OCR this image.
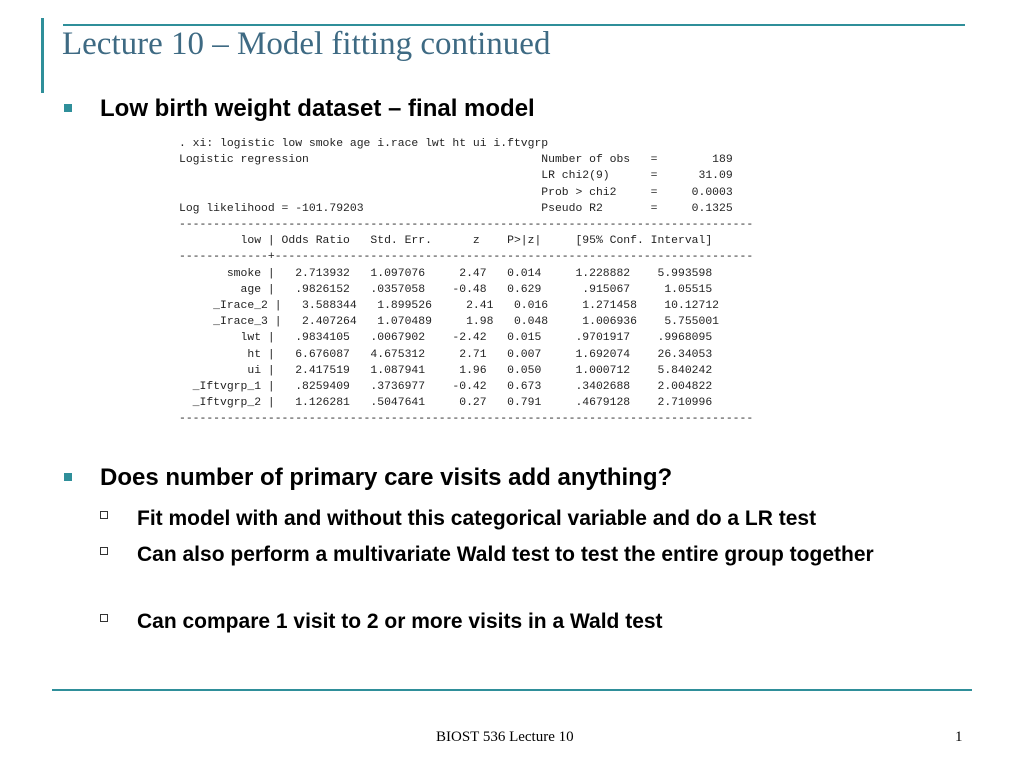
Lecture 10 – Model fitting continued
Low birth weight dataset – final model
. xi: logistic low smoke age i.race lwt ht ui i.ftvgrp
Logistic regression                                  Number of obs   =        189
LR chi2(9)      =      31.09
Prob > chi2     =     0.0003
Log likelihood = -101.79203                          Pseudo R2       =     0.1325
------------------------------------------------------------------------------------
low | Odds Ratio   Std. Err.      z    P>|z|     [95% Conf. Interval]
-------------+----------------------------------------------------------------------
smoke |   2.713932   1.097076     2.47   0.014     1.228882    5.993598
age |   .9826152   .0357058    -0.48   0.629      .915067     1.05515
_Irace_2 |   3.588344   1.899526     2.41   0.016     1.271458    10.12712
_Irace_3 |   2.407264   1.070489     1.98   0.048     1.006936    5.755001
lwt |   .9834105   .0067902    -2.42   0.015     .9701917    .9968095
ht |   6.676087   4.675312     2.71   0.007     1.692074    26.34053
ui |   2.417519   1.087941     1.96   0.050     1.000712    5.840242
_Iftvgrp_1 |   .8259409   .3736977    -0.42   0.673     .3402688    2.004822
_Iftvgrp_2 |   1.126281   .5047641     0.27   0.791     .4679128    2.710996
------------------------------------------------------------------------------------
Does number of primary care visits add anything?
Fit model with and without this categorical variable and do a LR test
Can also perform a multivariate Wald test to test the entire group together
Can compare 1 visit to 2 or more visits in a Wald test
BIOST 536 Lecture 10	1
